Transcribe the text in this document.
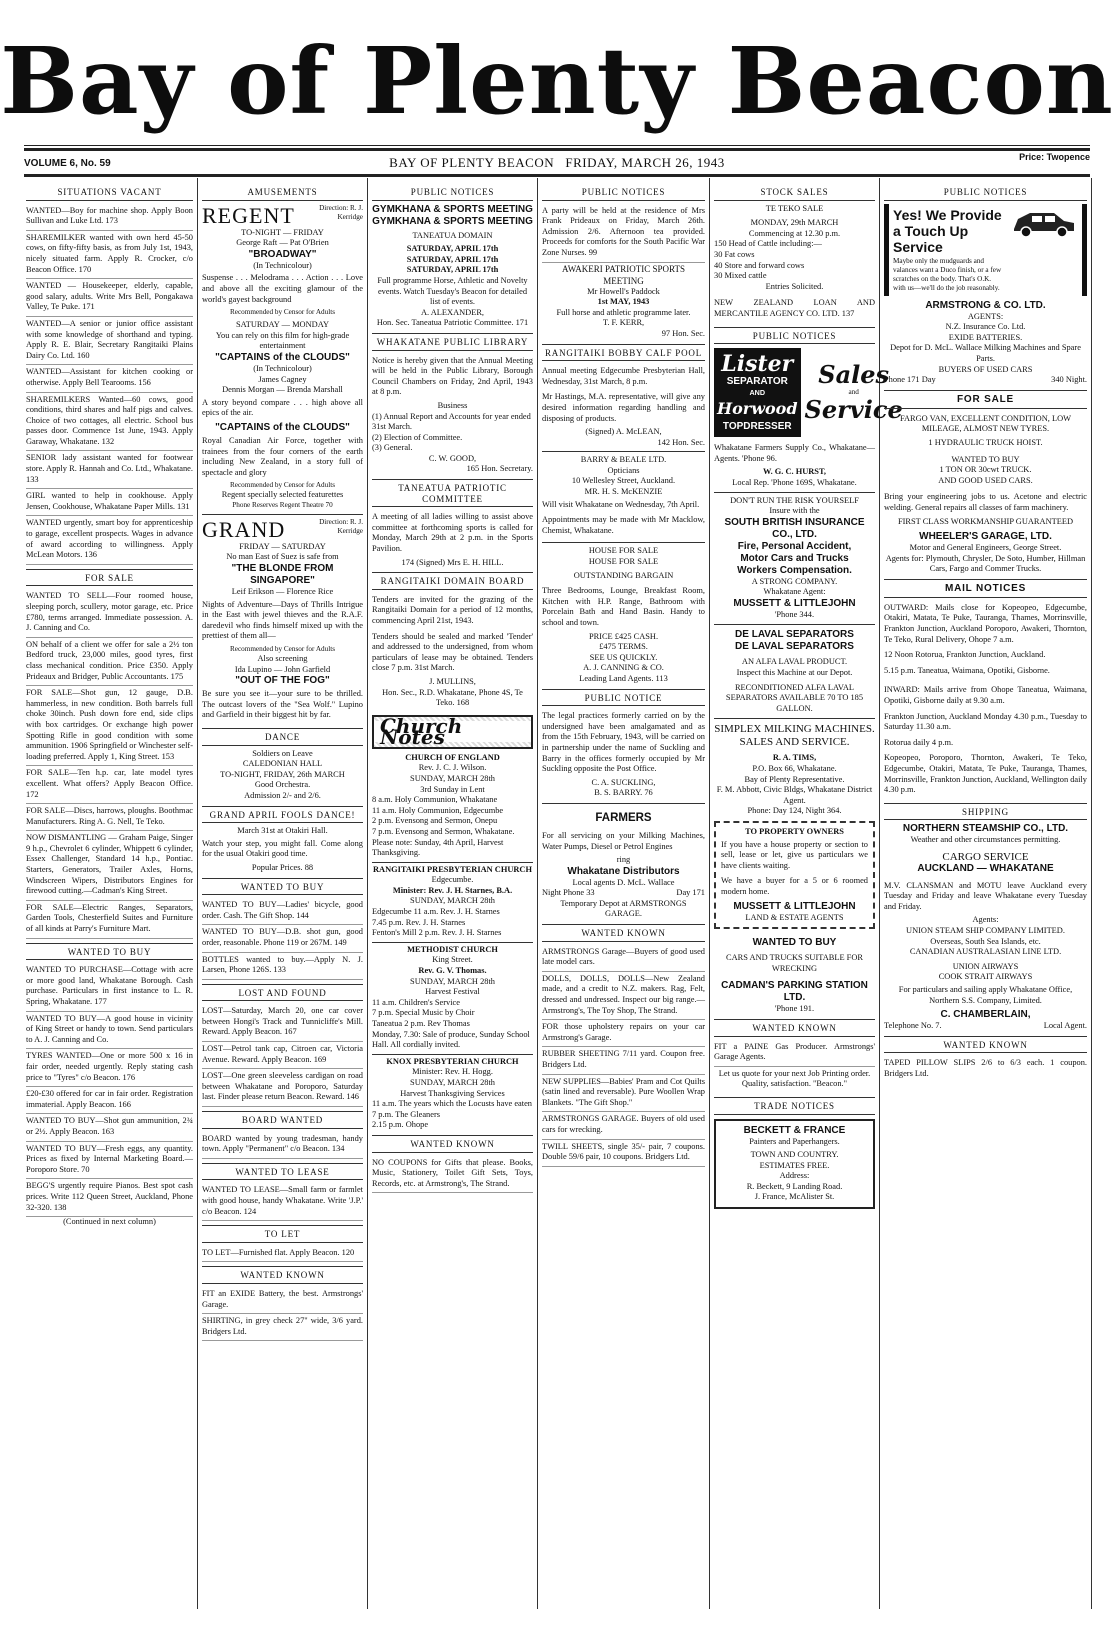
Bay of Plenty Beacon
VOLUME 6, No. 59	BAY OF PLENTY BEACON FRIDAY, MARCH 26, 1943	Price: Twopence
SITUATIONS VACANT
WANTED—Boy for machine shop. Apply Boon Sullivan and Luke Ltd. 173
SHAREMILKER wanted with own herd 45-50 cows, on fifty-fifty basis, as from July 1st, 1943, nicely situated farm. Apply R. Crocker, c/o Beacon Office. 170
WANTED — Housekeeper, elderly, capable, good salary, adults. Write Mrs Bell, Pongakawa Valley, Te Puke. 171
WANTED—A senior or junior office assistant with some knowledge of shorthand and typing. Apply R. E. Blair, Secretary Rangitaiki Plains Dairy Co. Ltd. 160
WANTED—Assistant for kitchen cooking or otherwise. Apply Bell Tearooms. 156
SHAREMILKERS Wanted—60 cows, good conditions, third shares and half pigs and calves. Choice of two cottages, all electric. School bus passes door. Commence 1st June, 1943. Apply Garaway, Whakatane. 132
SENIOR lady assistant wanted for footwear store. Apply R. Hannah and Co. Ltd., Whakatane. 133
GIRL wanted to help in cookhouse. Apply Jensen, Cookhouse, Whakatane Paper Mills. 131
WANTED urgently, smart boy for apprenticeship to garage, excellent prospects. Wages in advance of award according to willingness. Apply McLean Motors. 136
FOR SALE
WANTED TO SELL—Four roomed house, sleeping porch, scullery, motor garage, etc. Price £780, terms arranged. Immediate possession. A. J. Canning and Co.
ON behalf of a client we offer for sale a 2½ ton Bedford truck, 23,000 miles, good tyres, first class mechanical condition. Price £350. Apply Prideaux and Bridger, Public Accountants. 175
FOR SALE—Shot gun, 12 gauge, D.B. hammerless, in new condition. Both barrels full choke 30inch. Push down fore end, side clips with box cartridges. Or exchange high power Spotting Rifle in good condition with some ammunition. 1906 Springfield or Winchester self-loading preferred. Apply 1, King Street. 153
FOR SALE—Ten h.p. car, late model tyres excellent. What offers? Apply Beacon Office. 172
FOR SALE—Discs, harrows, ploughs. Boothmac Manufacturers. Ring A. G. Nell, Te Teko.
NOW DISMANTLING — Graham Paige, Singer 9 h.p., Chevrolet 6 cylinder, Whippett 6 cylinder, Essex Challenger, Standard 14 h.p., Pontiac. Starters, Generators, Trailer Axles, Horns, Windscreen Wipers, Distributors Engines for firewood cutting.—Cadman's King Street.
FOR SALE—Electric Ranges, Separators, Garden Tools, Chesterfield Suites and Furniture of all kinds at Parry's Furniture Mart.
WANTED TO BUY
WANTED TO PURCHASE—Cottage with acre or more good land, Whakatane Borough. Cash purchase. Particulars in first instance to L. R. Spring, Whakatane. 177
WANTED TO BUY—A good house in vicinity of King Street or handy to town. Send particulars to A. J. Canning and Co.
TYRES WANTED—One or more 500 x 16 in fair order, needed urgently. Reply stating cash price to "Tyres" c/o Beacon. 176
£20-£30 offered for car in fair order. Registration immaterial. Apply Beacon. 166
WANTED TO BUY—Shot gun ammunition, 2¾ or 2½. Apply Beacon. 163
WANTED TO BUY—Fresh eggs, any quantity. Prices as fixed by Internal Marketing Board.—Poroporo Store. 70
BEGG'S urgently require Pianos. Best spot cash prices. Write 112 Queen Street, Auckland, Phone 32-320. 138
(Continued in next column)
AMUSEMENTS
REGENT	Direction: R. J. Kerridge
TO-NIGHT — FRIDAY
George Raft — Pat O'Brien
"BROADWAY"
(In Technicolour)
Suspense . . . Melodrama . . . Action . . . Love and above all the exciting glamour of the world's gayest background
Recommended by Censor for Adults
SATURDAY — MONDAY
You can rely on this film for high-grade entertainment
"CAPTAINS of the CLOUDS"
(In Technicolour)
James Cagney
Dennis Morgan — Brenda Marshall
A story beyond compare . . . high above all epics of the air.
"CAPTAINS of the CLOUDS"
Royal Canadian Air Force, together with trainees from the four corners of the earth including New Zealand, in a story full of spectacle and glory
Recommended by Censor for Adults
Regent specially selected featurettes
Phone Reserves Regent Theatre 70
GRAND	Direction: R. J. Kerridge
FRIDAY — SATURDAY
No man East of Suez is safe from
"THE BLONDE FROM SINGAPORE"
Leif Erikson — Florence Rice
Nights of Adventure—Days of Thrills Intrigue in the East with jewel thieves and the R.A.F. daredevil who finds himself mixed up with the prettiest of them all—
Recommended by Censor for Adults
Also screening
Ida Lupino — John Garfield
"OUT OF THE FOG"
Be sure you see it—your sure to be thrilled. The outcast lovers of the "Sea Wolf." Lupino and Garfield in their biggest hit by far.
DANCE
Soldiers on Leave
CALEDONIAN HALL
TO-NIGHT, FRIDAY, 26th MARCH
Good Orchestra.
Admission 2/- and 2/6.
GRAND APRIL FOOLS DANCE!
March 31st at Otakiri Hall.
Watch your step, you might fall. Come along for the usual Otakiri good time.
Popular Prices. 88
WANTED TO BUY
WANTED TO BUY—Ladies' bicycle, good order. Cash. The Gift Shop. 144
WANTED TO BUY—D.B. shot gun, good order, reasonable. Phone 119 or 267M. 149
BOTTLES wanted to buy.—Apply N. J. Larsen, Phone 126S. 133
LOST AND FOUND
LOST—Saturday, March 20, one car cover between Hongi's Track and Tunnicliffe's Mill. Reward. Apply Beacon. 167
LOST—Petrol tank cap, Citroen car, Victoria Avenue. Reward. Apply Beacon. 169
LOST—One green sleeveless cardigan on road between Whakatane and Poroporo, Saturday last. Finder please return Beacon. Reward. 146
BOARD WANTED
BOARD wanted by young tradesman, handy town. Apply "Permanent" c/o Beacon. 134
WANTED TO LEASE
WANTED TO LEASE—Small farm or farmlet with good house, handy Whakatane. Write 'J.P.' c/o Beacon. 124
TO LET
TO LET—Furnished flat. Apply Beacon. 120
WANTED KNOWN
FIT an EXIDE Battery, the best. Armstrongs' Garage.
SHIRTING, in grey check 27" wide, 3/6 yard. Bridgers Ltd.
PUBLIC NOTICES
GYMKHANA & SPORTS MEETING
GYMKHANA & SPORTS MEETING
TANEATUA DOMAIN
SATURDAY, APRIL 17th
SATURDAY, APRIL 17th
SATURDAY, APRIL 17th
Full programme Horse, Athletic and Novelty events. Watch Tuesday's Beacon for detailed list of events.
A. ALEXANDER,
Hon. Sec. Taneatua Patriotic Committee. 171
WHAKATANE PUBLIC LIBRARY
Notice is hereby given that the Annual Meeting will be held in the Public Library, Borough Council Chambers on Friday, 2nd April, 1943 at 8 p.m.
Business
(1) Annual Report and Accounts for year ended 31st March.
(2) Election of Committee.
(3) General.
C. W. GOOD,
165 Hon. Secretary.
TANEATUA PATRIOTIC COMMITTEE
A meeting of all ladies willing to assist above committee at forthcoming sports is called for Monday, March 29th at 2 p.m. in the Sports Pavilion.
174 (Signed) Mrs E. H. HILL.
RANGITAIKI DOMAIN BOARD
Tenders are invited for the grazing of the Rangitaiki Domain for a period of 12 months, commencing April 21st, 1943.
Tenders should be sealed and marked 'Tender' and addressed to the undersigned, from whom particulars of lease may be obtained. Tenders close 7 p.m. 31st March.
J. MULLINS,
Hon. Sec., R.D. Whakatane, Phone 4S, Te Teko. 168
Church Notes
CHURCH OF ENGLAND
Rev. J. C. J. Wilson.
SUNDAY, MARCH 28th
3rd Sunday in Lent
8 a.m. Holy Communion, Whakatane
11 a.m. Holy Communion, Edgecumbe
2 p.m. Evensong and Sermon, Onepu
7 p.m. Evensong and Sermon, Whakatane.
Please note: Sunday, 4th April, Harvest Thanksgiving.
RANGITAIKI PRESBYTERIAN CHURCH
Edgecumbe.
Minister: Rev. J. H. Starnes, B.A.
SUNDAY, MARCH 28th
Edgecumbe 11 a.m. Rev. J. H. Starnes
7.45 p.m. Rev. J. H. Starnes
Fenton's Mill 2 p.m. Rev. J. H. Starnes
METHODIST CHURCH
King Street.
Rev. G. V. Thomas.
SUNDAY, MARCH 28th
Harvest Festival
11 a.m. Children's Service
7 p.m. Special Music by Choir
Taneatua 2 p.m. Rev Thomas
Monday, 7.30: Sale of produce, Sunday School Hall. All cordially invited.
KNOX PRESBYTERIAN CHURCH
Minister: Rev. H. Hogg.
SUNDAY, MARCH 28th
Harvest Thanksgiving Services
11 a.m. The years which the Locusts have eaten
7 p.m. The Gleaners
2.15 p.m. Ohope
WANTED KNOWN
NO COUPONS for Gifts that please. Books, Music, Stationery, Toilet Gift Sets, Toys, Records, etc. at Armstrong's, The Strand.
PUBLIC NOTICES
A party will be held at the residence of Mrs Frank Prideaux on Friday, March 26th. Admission 2/6. Afternoon tea provided. Proceeds for comforts for the South Pacific War Zone Nurses. 99
AWAKERI PATRIOTIC SPORTS MEETING
Mr Howell's Paddock
1st MAY, 1943
Full horse and athletic programme later.
T. F. KERR,
97 Hon. Sec.
RANGITAIKI BOBBY CALF POOL
Annual meeting Edgecumbe Presbyterian Hall, Wednesday, 31st March, 8 p.m.
Mr Hastings, M.A. representative, will give any desired information regarding handling and disposing of products.
(Signed) A. McLEAN,
142 Hon. Sec.
BARRY & BEALE LTD.
Opticians
10 Wellesley Street, Auckland.
MR. H. S. McKENZIE
Will visit Whakatane on Wednesday, 7th April.
Appointments may be made with Mr Macklow, Chemist, Whakatane.
HOUSE FOR SALE
HOUSE FOR SALE
OUTSTANDING BARGAIN
Three Bedrooms, Lounge, Breakfast Room, Kitchen with H.P. Range, Bathroom with Porcelain Bath and Hand Basin. Handy to school and town.
PRICE £425 CASH.
£475 TERMS.
SEE US QUICKLY.
A. J. CANNING & CO.
Leading Land Agents. 113
PUBLIC NOTICE
The legal practices formerly carried on by the undersigned have been amalgamated and as from the 15th February, 1943, will be carried on in partnership under the name of Suckling and Barry in the offices formerly occupied by Mr Suckling opposite the Post Office.
C. A. SUCKLING,
B. S. BARRY. 76
FARMERS
For all servicing on your Milking Machines, Water Pumps, Diesel or Petrol Engines
ring
Whakatane Distributors
Local agents D. McL. Wallace
Night Phone 33	Day 171
Temporary Depot at ARMSTRONGS GARAGE.
WANTED KNOWN
ARMSTRONGS Garage—Buyers of good used late model cars.
DOLLS, DOLLS, DOLLS—New Zealand made, and a credit to N.Z. makers. Rag, Felt, dressed and undressed. Inspect our big range.—Armstrong's, The Toy Shop, The Strand.
FOR those upholstery repairs on your car Armstrong's Garage.
RUBBER SHEETING 7/11 yard. Coupon free. Bridgers Ltd.
NEW SUPPLIES—Babies' Pram and Cot Quilts (satin lined and reversable). Pure Woollen Wrap Blankets. "The Gift Shop."
ARMSTRONGS GARAGE. Buyers of old used cars for wrecking.
TWILL SHEETS, single 35/- pair, 7 coupons. Double 59/6 pair, 10 coupons. Bridgers Ltd.
STOCK SALES
TE TEKO SALE
MONDAY, 29th MARCH
Commencing at 12.30 p.m.
150 Head of Cattle including:—
30 Fat cows
40 Store and forward cows
30 Mixed cattle
Entries Solicited.
NEW ZEALAND LOAN AND MERCANTILE AGENCY CO. LTD. 137
PUBLIC NOTICES
Lister
SEPARATOR
AND
Horwood
TOPDRESSER
Sales
and
Service
Whakatane Farmers Supply Co., Whakatane—Agents. 'Phone 96.
W. G. C. HURST,
Local Rep. 'Phone 169S, Whakatane.
DON'T RUN THE RISK YOURSELF
Insure with the
SOUTH BRITISH INSURANCE CO., LTD.
Fire, Personal Accident,
Motor Cars and Trucks
Workers Compensation.
A STRONG COMPANY.
Whakatane Agent:
MUSSETT & LITTLEJOHN
'Phone 344.
DE LAVAL SEPARATORS
DE LAVAL SEPARATORS
AN ALFA LAVAL PRODUCT.
Inspect this Machine at our Depot.
RECONDITIONED ALFA LAVAL SEPARATORS AVAILABLE 70 TO 185 GALLON.
SIMPLEX MILKING MACHINES.
SALES AND SERVICE.
R. A. TIMS,
P.O. Box 66, Whakatane.
Bay of Plenty Representative.
F. M. Abbott, Civic Bldgs, Whakatane District Agent.
Phone: Day 124, Night 364.
TO PROPERTY OWNERS
If you have a house property or section to sell, lease or let, give us particulars we have clients waiting.
We have a buyer for a 5 or 6 roomed modern home.
MUSSETT & LITTLEJOHN
LAND & ESTATE AGENTS
WANTED TO BUY
CARS AND TRUCKS SUITABLE FOR WRECKING
CADMAN'S PARKING STATION LTD.
'Phone 191.
WANTED KNOWN
FIT a PAINE Gas Producer. Armstrongs' Garage Agents.
Let us quote for your next Job Printing order. Quality, satisfaction. "Beacon."
TRADE NOTICES
BECKETT & FRANCE
Painters and Paperhangers.
TOWN AND COUNTRY.
ESTIMATES FREE.
Address:
R. Beckett, 9 Landing Road.
J. France, McAlister St.
PUBLIC NOTICES
Yes! We Provide a Touch Up Service
Maybe only the mudguards and valances want a Duco finish, or a few scratches on the body. That's O.K. with us—we'll do the job reasonably.
ARMSTRONG & CO. LTD.
AGENTS:
N.Z. Insurance Co. Ltd.
EXIDE BATTERIES.
Depot for D. McL. Wallace Milking Machines and Spare Parts.
BUYERS OF USED CARS
Phone 171 Day	340 Night.
FOR SALE
FARGO VAN, EXCELLENT CONDITION, LOW MILEAGE, ALMOST NEW TYRES.
1 HYDRAULIC TRUCK HOIST.
WANTED TO BUY
1 TON OR 30cwt TRUCK.
AND GOOD USED CARS.
Bring your engineering jobs to us. Acetone and electric welding. General repairs all classes of farm machinery.
FIRST CLASS WORKMANSHIP GUARANTEED
WHEELER'S GARAGE, LTD.
Motor and General Engineers, George Street.
Agents for: Plymouth, Chrysler, De Soto, Humber, Hillman Cars, Fargo and Commer Trucks.
MAIL NOTICES
OUTWARD: Mails close for Kopeopeo, Edgecumbe, Otakiri, Matata, Te Puke, Tauranga, Thames, Morrinsville, Frankton Junction, Auckland Poroporo, Awakeri, Thornton, Te Teko, Rural Delivery, Ohope 7 a.m.
12 Noon Rotorua, Frankton Junction, Auckland.
5.15 p.m. Taneatua, Waimana, Opotiki, Gisborne.
INWARD: Mails arrive from Ohope Taneatua, Waimana, Opotiki, Gisborne daily at 9.30 a.m.
Frankton Junction, Auckland Monday 4.30 p.m., Tuesday to Saturday 11.30 a.m.
Rotorua daily 4 p.m.
Kopeopeo, Poroporo, Thornton, Awakeri, Te Teko, Edgecumbe, Otakiri, Matata, Te Puke, Tauranga, Thames, Morrinsville, Frankton Junction, Auckland, Wellington daily 4.30 p.m.
SHIPPING
NORTHERN STEAMSHIP CO., LTD.
Weather and other circumstances permitting.
CARGO SERVICE
AUCKLAND — WHAKATANE
M.V. CLANSMAN and MOTU leave Auckland every Tuesday and Friday and leave Whakatane every Tuesday and Friday.
Agents:
UNION STEAM SHIP COMPANY LIMITED.
Overseas, South Sea Islands, etc.
CANADIAN AUSTRALASIAN LINE LTD.
UNION AIRWAYS
COOK STRAIT AIRWAYS
For particulars and sailing apply Whakatane Office, Northern S.S. Company, Limited.
C. CHAMBERLAIN,
Telephone No. 7.	Local Agent.
WANTED KNOWN
TAPED PILLOW SLIPS 2/6 to 6/3 each. 1 coupon. Bridgers Ltd.
